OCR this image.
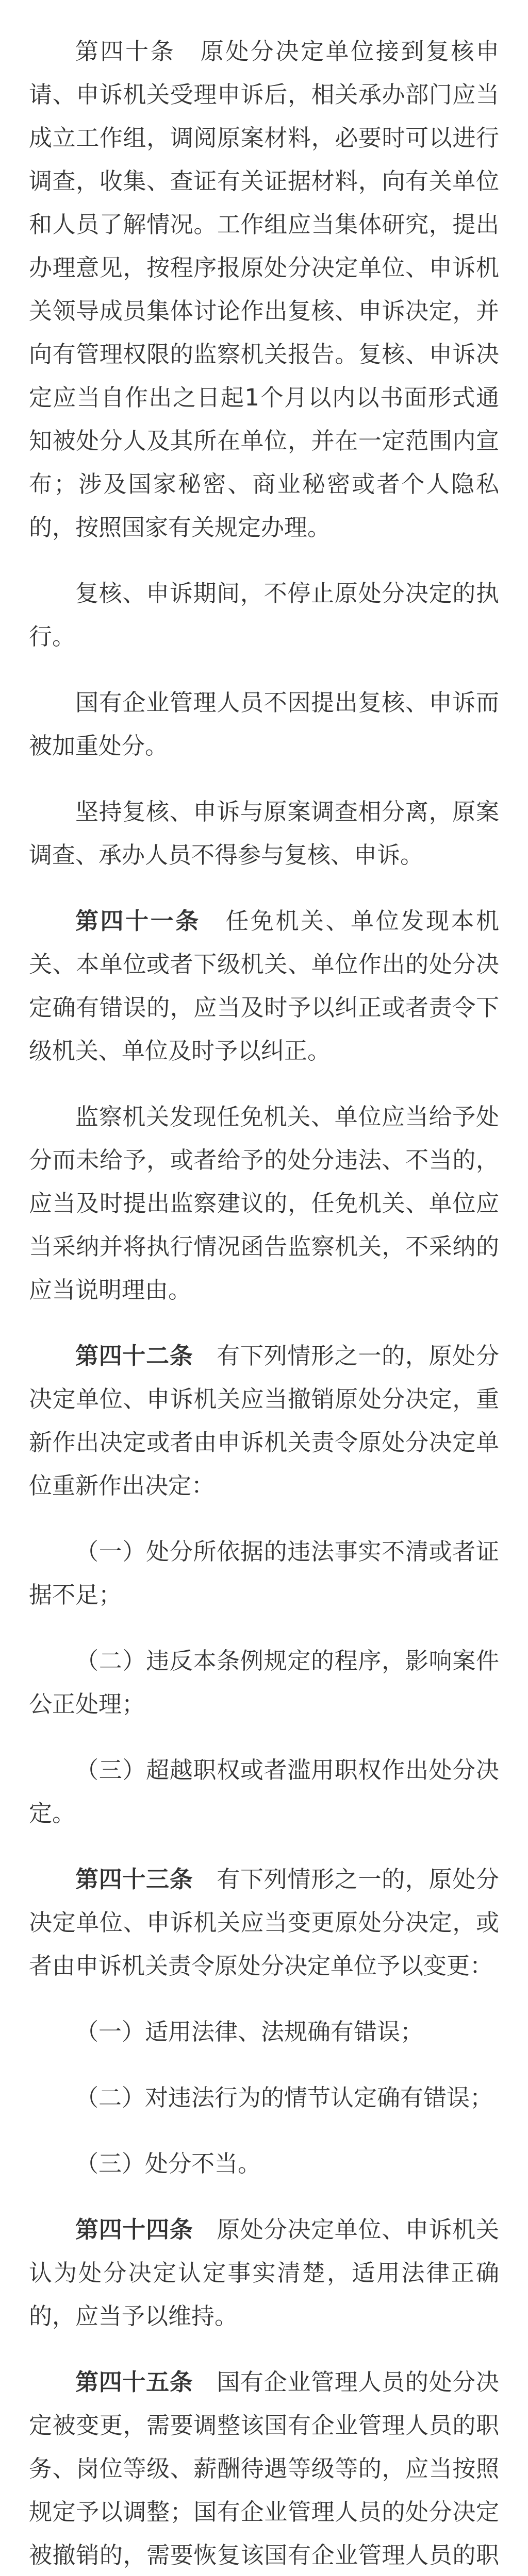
第四十条　原处分决定单位接到复核申请、申诉机关受理申诉后，相关承办部门应当成立工作组，调阅原案材料，必要时可以进行调查，收集、查证有关证据材料，向有关单位和人员了解情况。工作组应当集体研究，提出办理意见，按程序报原处分决定单位、申诉机关领导成员集体讨论作出复核、申诉决定，并向有管理权限的监察机关报告。复核、申诉决定应当自作出之日起1个月以内以书面形式通知被处分人及其所在单位，并在一定范围内宣布；涉及国家秘密、商业秘密或者个人隐私的，按照国家有关规定办理。

复核、申诉期间，不停止原处分决定的执行。

国有企业管理人员不因提出复核、申诉而被加重处分。

坚持复核、申诉与原案调查相分离，原案调查、承办人员不得参与复核、申诉。

第四十一条　 任免机关、单位发现本机关、本单位或者下级机关、单位作出的处分决定确有错误的，应当及时予以纠正或者责令下级机关、单位及时予以纠正。

监察机关发现任免机关、单位应当给予处分而未给予，或者给予的处分违法、不当的，应当及时提出监察建议的，任免机关、单位应当采纳并将执行情况函告监察机关，不采纳的应当说明理由。

第四十二条　 有下列情形之一的，原处分决定单位、申诉机关应当撤销原处分决定，重新作出决定或者由申诉机关责令原处分决定单位重新作出决定：

（一）处分所依据的违法事实不清或者证据不足；

（二）违反本条例规定的程序，影响案件公正处理；

（三）超越职权或者滥用职权作出处分决定。

第四十三条　 有下列情形之一的，原处分决定单位、申诉机关应当变更原处分决定，或者由申诉机关责令原处分决定单位予以变更：

（一）适用法律、法规确有错误；

（二）对违法行为的情节认定确有错误；

（三）处分不当。

第四十四条　 原处分决定单位、申诉机关认为处分决定认定事实清楚，适用法律正确的，应当予以维持。

第四十五条　 国有企业管理人员的处分决定被变更，需要调整该国有企业管理人员的职务、岗位等级、薪酬待遇等级等的，应当按照规定予以调整；国有企业管理人员的处分决定被撤销的，需要恢复该国有企业管理人员的职
